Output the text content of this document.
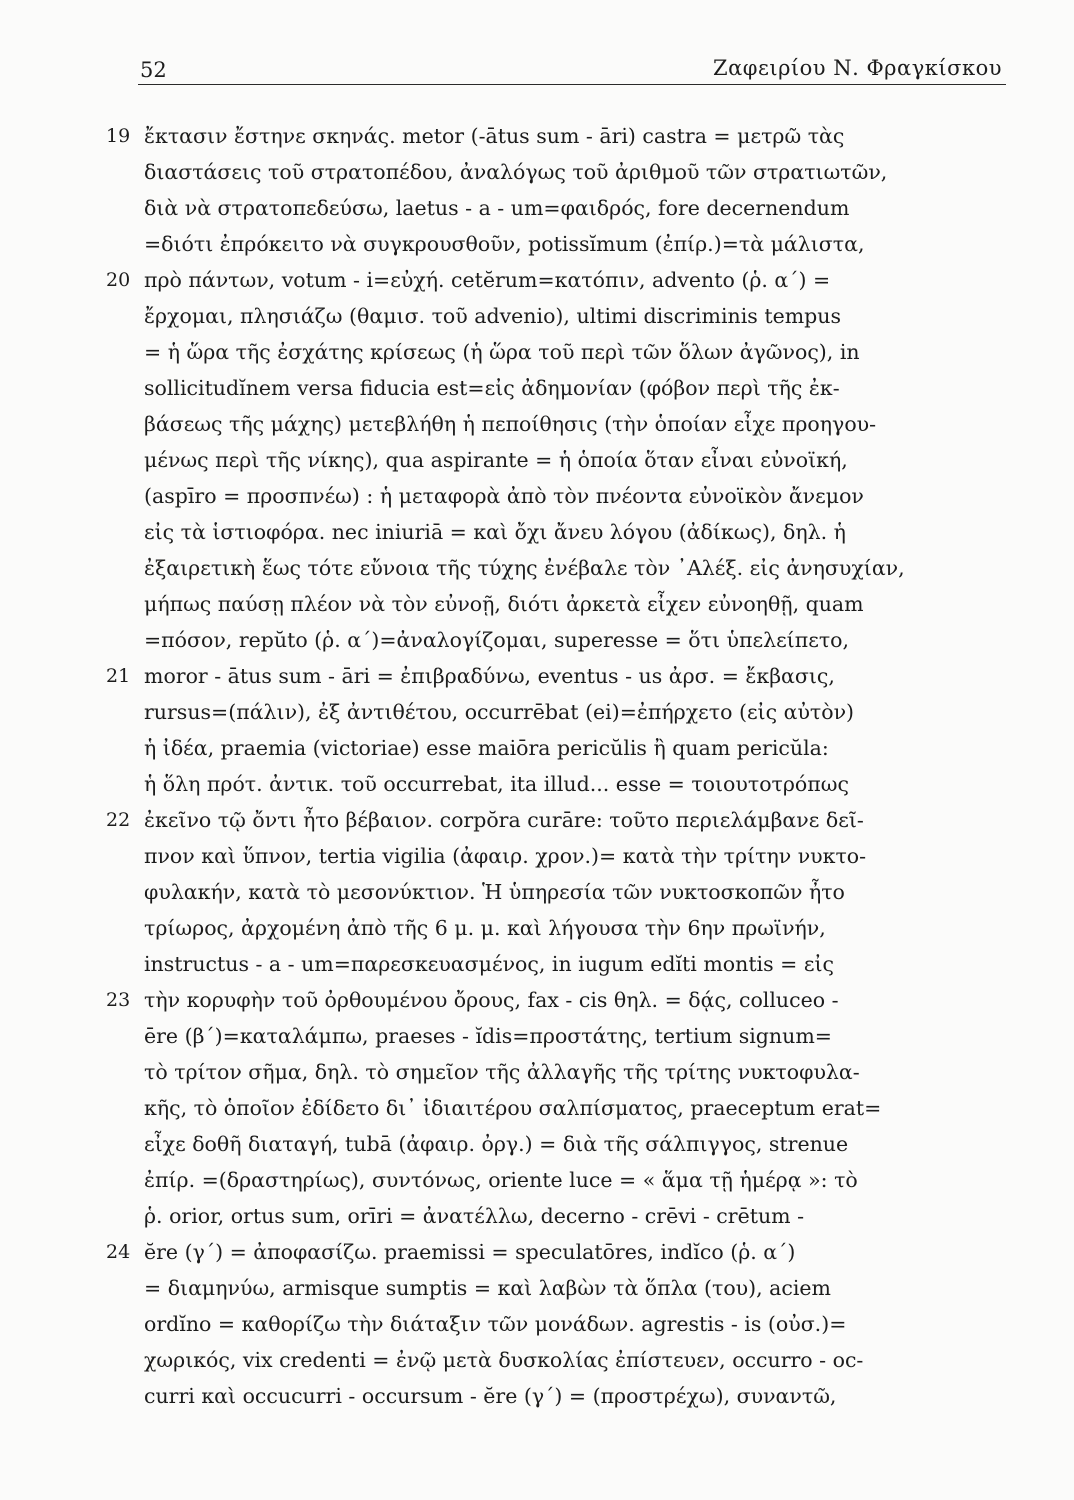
52	Ζαφειρίου Ν. Φραγκίσκου
19 ἔκτασιν ἔστηνε σκηνάς. metor (-ātus sum - āri) castra = μετρῶ τὰς
διαστάσεις τοῦ στρατοπέδου, ἀναλόγως τοῦ ἀριθμοῦ τῶν στρατιωτῶν,
διὰ νὰ στρατοπεδεύσω, laetus - a - um=φαιδρός, fore decernendum
=διότι ἐπρόκειτο νὰ συγκρουσθοῦν, potissĭmum (ἐπίρ.)=τὰ μάλιστα,
20 πρὸ πάντων, votum - i=εὐχή. cetĕrum=κατόπιν, advento (ῥ. α΄) =
ἔρχομαι, πλησιάζω (θαμισ. τοῦ advenio), ultimi discriminis tempus
= ἡ ὥρα τῆς ἐσχάτης κρίσεως (ἡ ὥρα τοῦ περὶ τῶν ὅλων ἀγῶνος), in
sollicitudĭnem versa fiducia est=εἰς ἀδημονίαν (φόβον περὶ τῆς ἐκ-
βάσεως τῆς μάχης) μετεβλήθη ἡ πεποίθησις (τὴν ὁποίαν εἶχε προηγου-
μένως περὶ τῆς νίκης), qua aspirante = ἡ ὁποία ὅταν εἶναι εὐνοϊκή,
(aspīro = προσπνέω) : ἡ μεταφορὰ ἀπὸ τὸν πνέοντα εὐνοϊκὸν ἄνεμον
εἰς τὰ ἱστιοφόρα. nec iniuriā = καὶ ὄχι ἄνευ λόγου (ἀδίκως), δηλ. ἡ
ἐξαιρετικὴ ἕως τότε εὔνοια τῆς τύχης ἐνέβαλε τὸν ᾽Αλέξ. εἰς ἀνησυχίαν,
μήπως παύσῃ πλέον νὰ τὸν εὐνοῇ, διότι ἀρκετὰ εἶχεν εὐνοηθῇ, quam
=πόσον, repŭto (ῥ. α΄)=ἀναλογίζομαι, superesse = ὅτι ὑπελείπετο,
21 moror - ātus sum - āri = ἐπιβραδύνω, eventus - us ἀρσ. = ἔκβασις,
rursus=(πάλιν), ἐξ ἀντιθέτου, occurrēbat (ei)=ἐπήρχετο (εἰς αὐτὸν)
ἡ ἰδέα, praemia (victoriae) esse maiōra pericŭlis ἢ quam pericŭla:
ἡ ὅλη πρότ. ἀντικ. τοῦ occurrebat, ita illud... esse = τοιουτοτρόπως
22 ἐκεῖνο τῷ ὄντι ἦτο βέβαιον. corpŏra curāre: τοῦτο περιελάμβανε δεῖ-
πνον καὶ ὕπνον, tertia vigilia (ἀφαιρ. χρον.)= κατὰ τὴν τρίτην νυκτο-
φυλακήν, κατὰ τὸ μεσονύκτιον. Ἡ ὑπηρεσία τῶν νυκτοσκοπῶν ἦτο
τρίωρος, ἀρχομένη ἀπὸ τῆς 6 μ. μ. καὶ λήγουσα τὴν 6ην πρωϊνήν,
instructus - a - um=παρεσκευασμένος, in iugum edĭti montis = εἰς
23 τὴν κορυφὴν τοῦ ὀρθουμένου ὄρους, fax - cis θηλ. = δᾴς, colluceo -
ēre (β΄)=καταλάμπω, praeses - ĭdis=προστάτης, tertium signum=
τὸ τρίτον σῆμα, δηλ. τὸ σημεῖον τῆς ἀλλαγῆς τῆς τρίτης νυκτοφυλα-
κῆς, τὸ ὁποῖον ἐδίδετο δι᾽ ἰδιαιτέρου σαλπίσματος, praeceptum erat=
εἶχε δοθῆ διαταγή, tubā (ἀφαιρ. ὀργ.) = διὰ τῆς σάλπιγγος, strenue
ἐπίρ. =(δραστηρίως), συντόνως, oriente luce = « ἅμα τῇ ἡμέρᾳ »: τὸ
ῥ. orior, ortus sum, orīri = ἀνατέλλω, decerno - crēvi - crētum -
24 ĕre (γ΄) = ἀποφασίζω. praemissi = speculatōres, indĭco (ῥ. α΄)
= διαμηνύω, armisque sumptis = καὶ λαβὼν τὰ ὅπλα (του), aciem
ordĭno = καθορίζω τὴν διάταξιν τῶν μονάδων. agrestis - is (οὐσ.)=
χωρικός, vix credenti = ἐνῷ μετὰ δυσκολίας ἐπίστευεν, occurro - oc-
curri καὶ occucurri - occursum - ĕre (γ΄) = (προστρέχω), συναντῶ,
